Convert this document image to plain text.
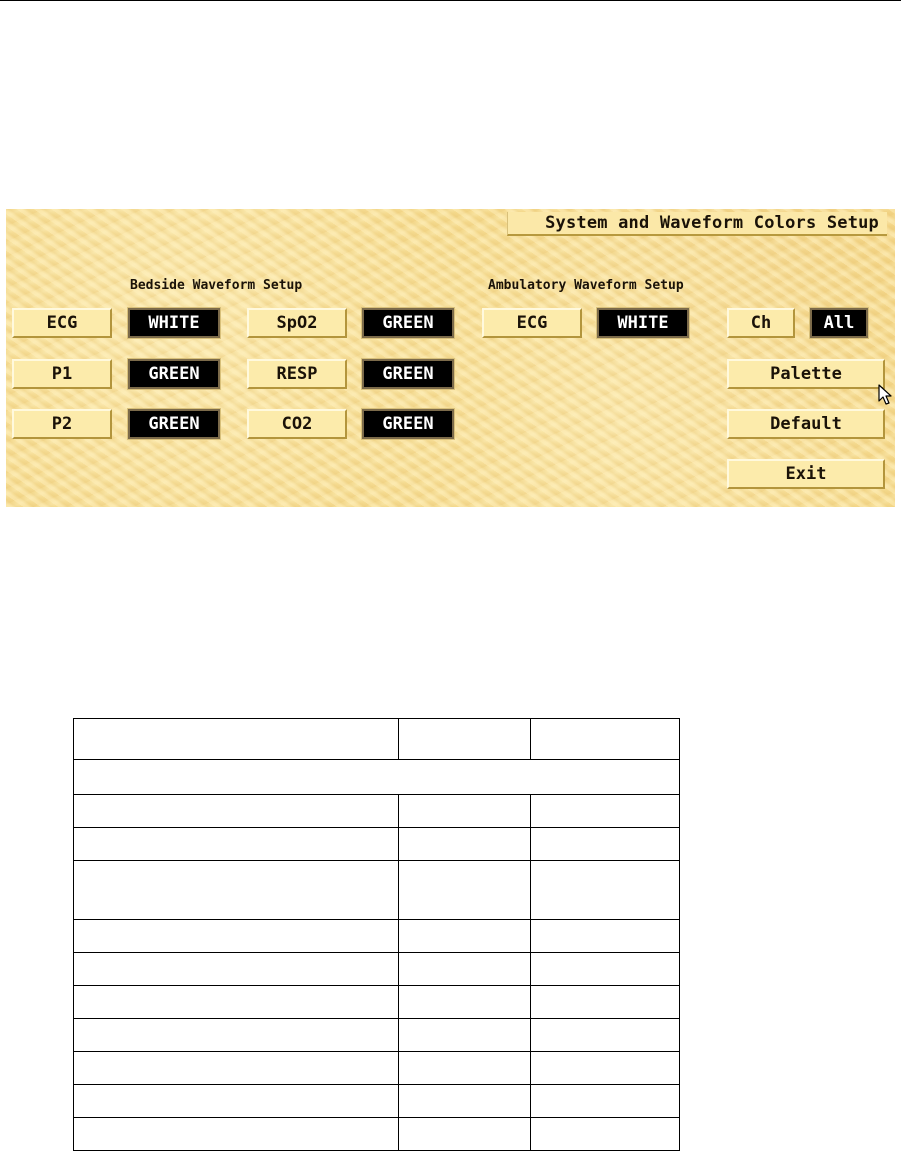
System and Waveform Colors Setup
Bedside Waveform Setup	Ambulatory Waveform Setup
ECG	WHITE	SpO2	GREEN
P1	GREEN	RESP	GREEN
P2	GREEN	CO2	GREEN
ECG	WHITE	Ch	All
Palette
Default
Exit
